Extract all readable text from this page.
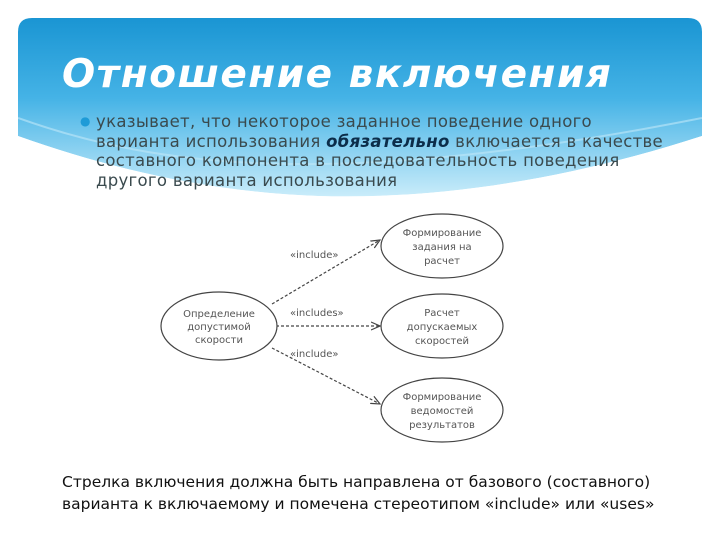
Отношение включения
● указывает, что некоторое заданное поведение одного варианта использования обязательно включается в качестве составного компонента в последовательность поведения другого варианта использования
«include»
«includes»
«include»
Определение
допустимой
скорости
Формирование
задания на
расчет
Расчет
допускаемых
скоростей
Формирование
ведомостей
результатов
Стрелка включения должна быть направлена от базового (составного) варианта к включаемому и помечена стереотипом «include» или «uses»
